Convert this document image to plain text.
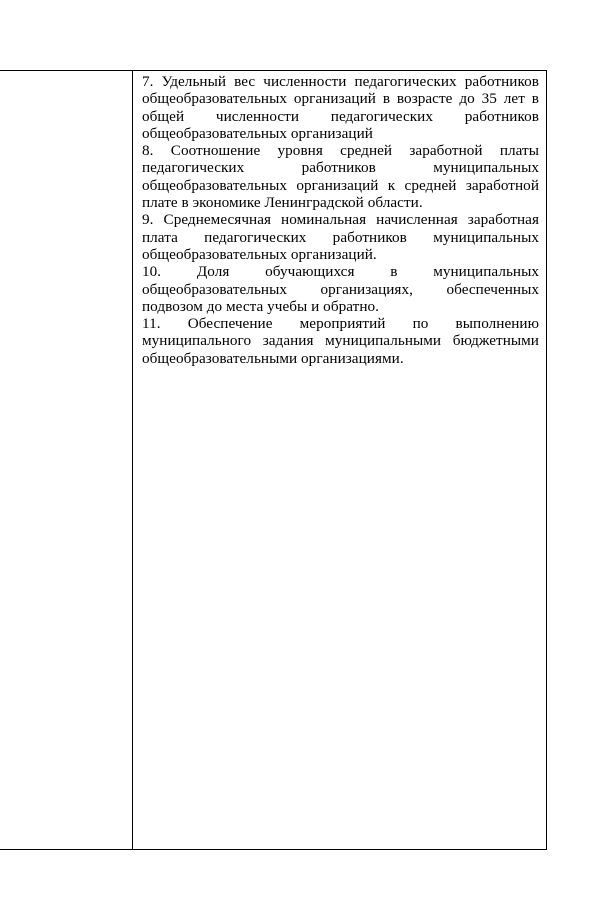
7. Удельный вес численности педагогических работников общеобразовательных организаций в возрасте до 35 лет в общей численности педагогических работников общеобразовательных организаций

8. Соотношение уровня средней заработной платы педагогических работников муниципальных общеобразовательных организаций к средней заработной плате в экономике Ленинградской области.

9. Среднемесячная номинальная начисленная заработная плата педагогических работников муниципальных общеобразовательных организаций.

10. Доля обучающихся в муниципальных общеобразовательных организациях, обеспеченных подвозом до места учебы и обратно.

11. Обеспечение мероприятий по выполнению муниципального задания муниципальными бюджетными общеобразовательными организациями.
